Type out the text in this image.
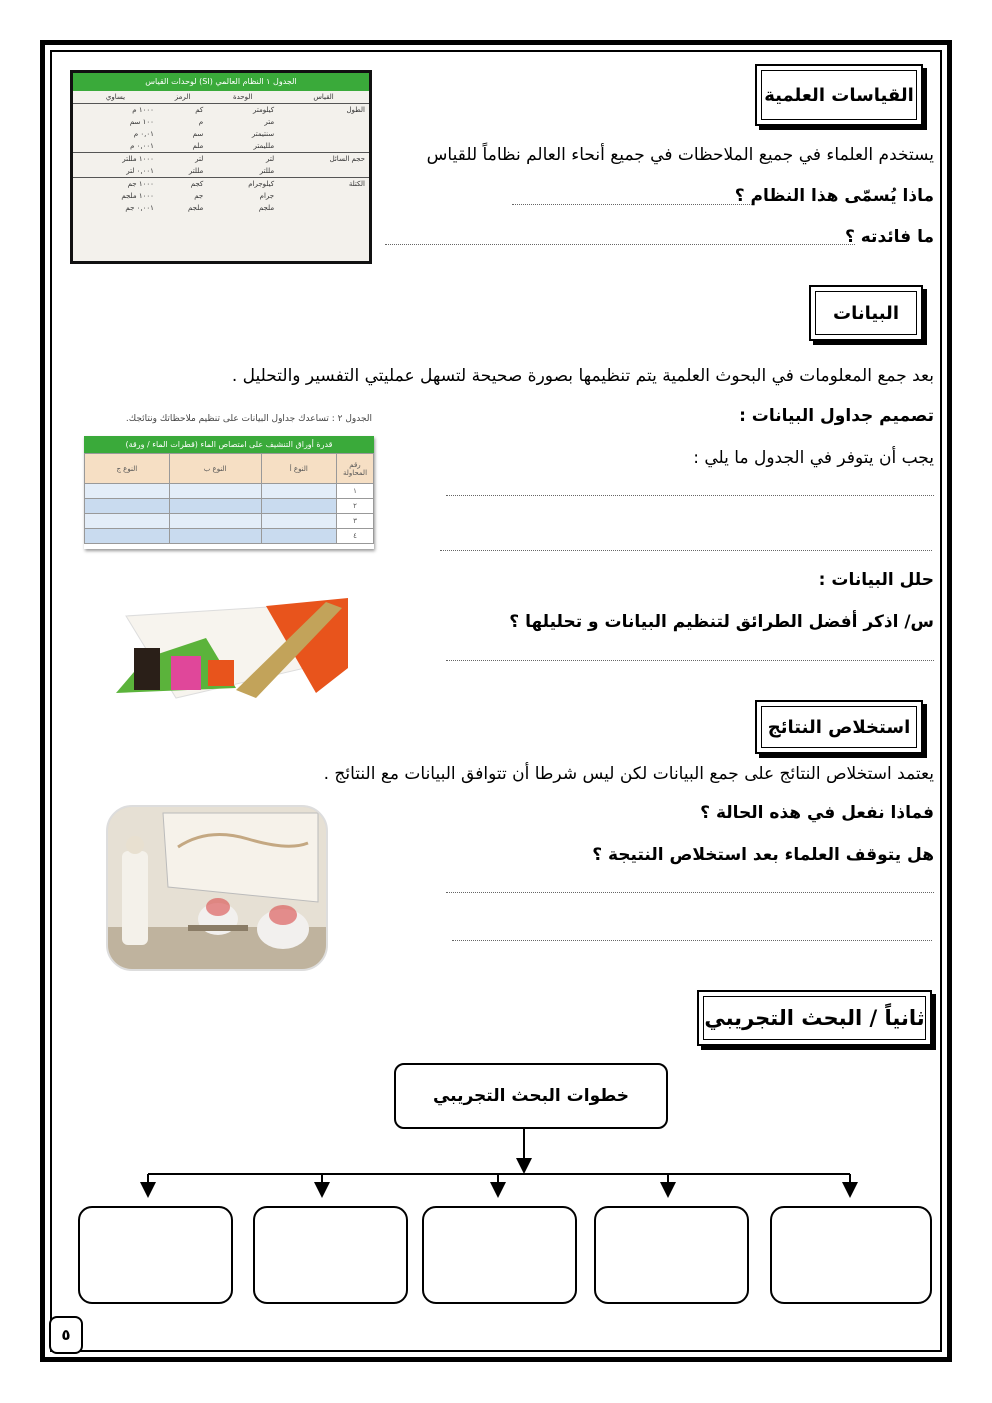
القياسات العلمية
الجدول ١ النظام العالمي (SI) لوحدات القياس
القياس	الوحدة	الرمز	يساوي
الطول	كيلومتر	كم	١٠٠٠ م
	متر	م	١٠٠ سم
	سنتيمتر	سم	٠,٠١ م
	ملليمتر	ملم	٠,٠٠١ م
حجم السائل	لتر	لتر	١٠٠٠ مللتر
	مللتر	مللتر	٠,٠٠١ لتر
الكتلة	كيلوجرام	كجم	١٠٠٠ جم
	جرام	جم	١٠٠٠ ملجم
	ملجم	ملجم	٠,٠٠١ جم
يستخدم العلماء في جميع الملاحظات في جميع أنحاء العالم نظاماً للقياس
ماذا يُسمّى هذا النظام ؟
ما فائدته ؟
البيانات
بعد جمع المعلومات في البحوث العلمية يتم تنظيمها بصورة صحيحة لتسهل عمليتي التفسير والتحليل .
تصميم جداول البيانات :
يجب أن يتوفر في الجدول ما يلي :
الجدول ٢ : تساعدك جداول البيانات على تنظيم ملاحظاتك ونتائجك.
قدرة أوراق التنشيف على امتصاص الماء (قطرات الماء / ورقة)
رقم المحاولة	النوع أ	النوع ب	النوع ج
١			
٢			
٣			
٤			
حلل البيانات :
س/ اذكر أفضل الطرائق لتنظيم البيانات و تحليلها ؟
استخلاص النتائج
يعتمد استخلاص النتائج على جمع البيانات لكن ليس شرطا أن تتوافق البيانات مع النتائج .
فماذا نفعل في هذه الحالة ؟
هل يتوقف العلماء بعد استخلاص النتيجة ؟
ثانياً / البحث التجريبي
خطوات البحث التجريبي
٥
